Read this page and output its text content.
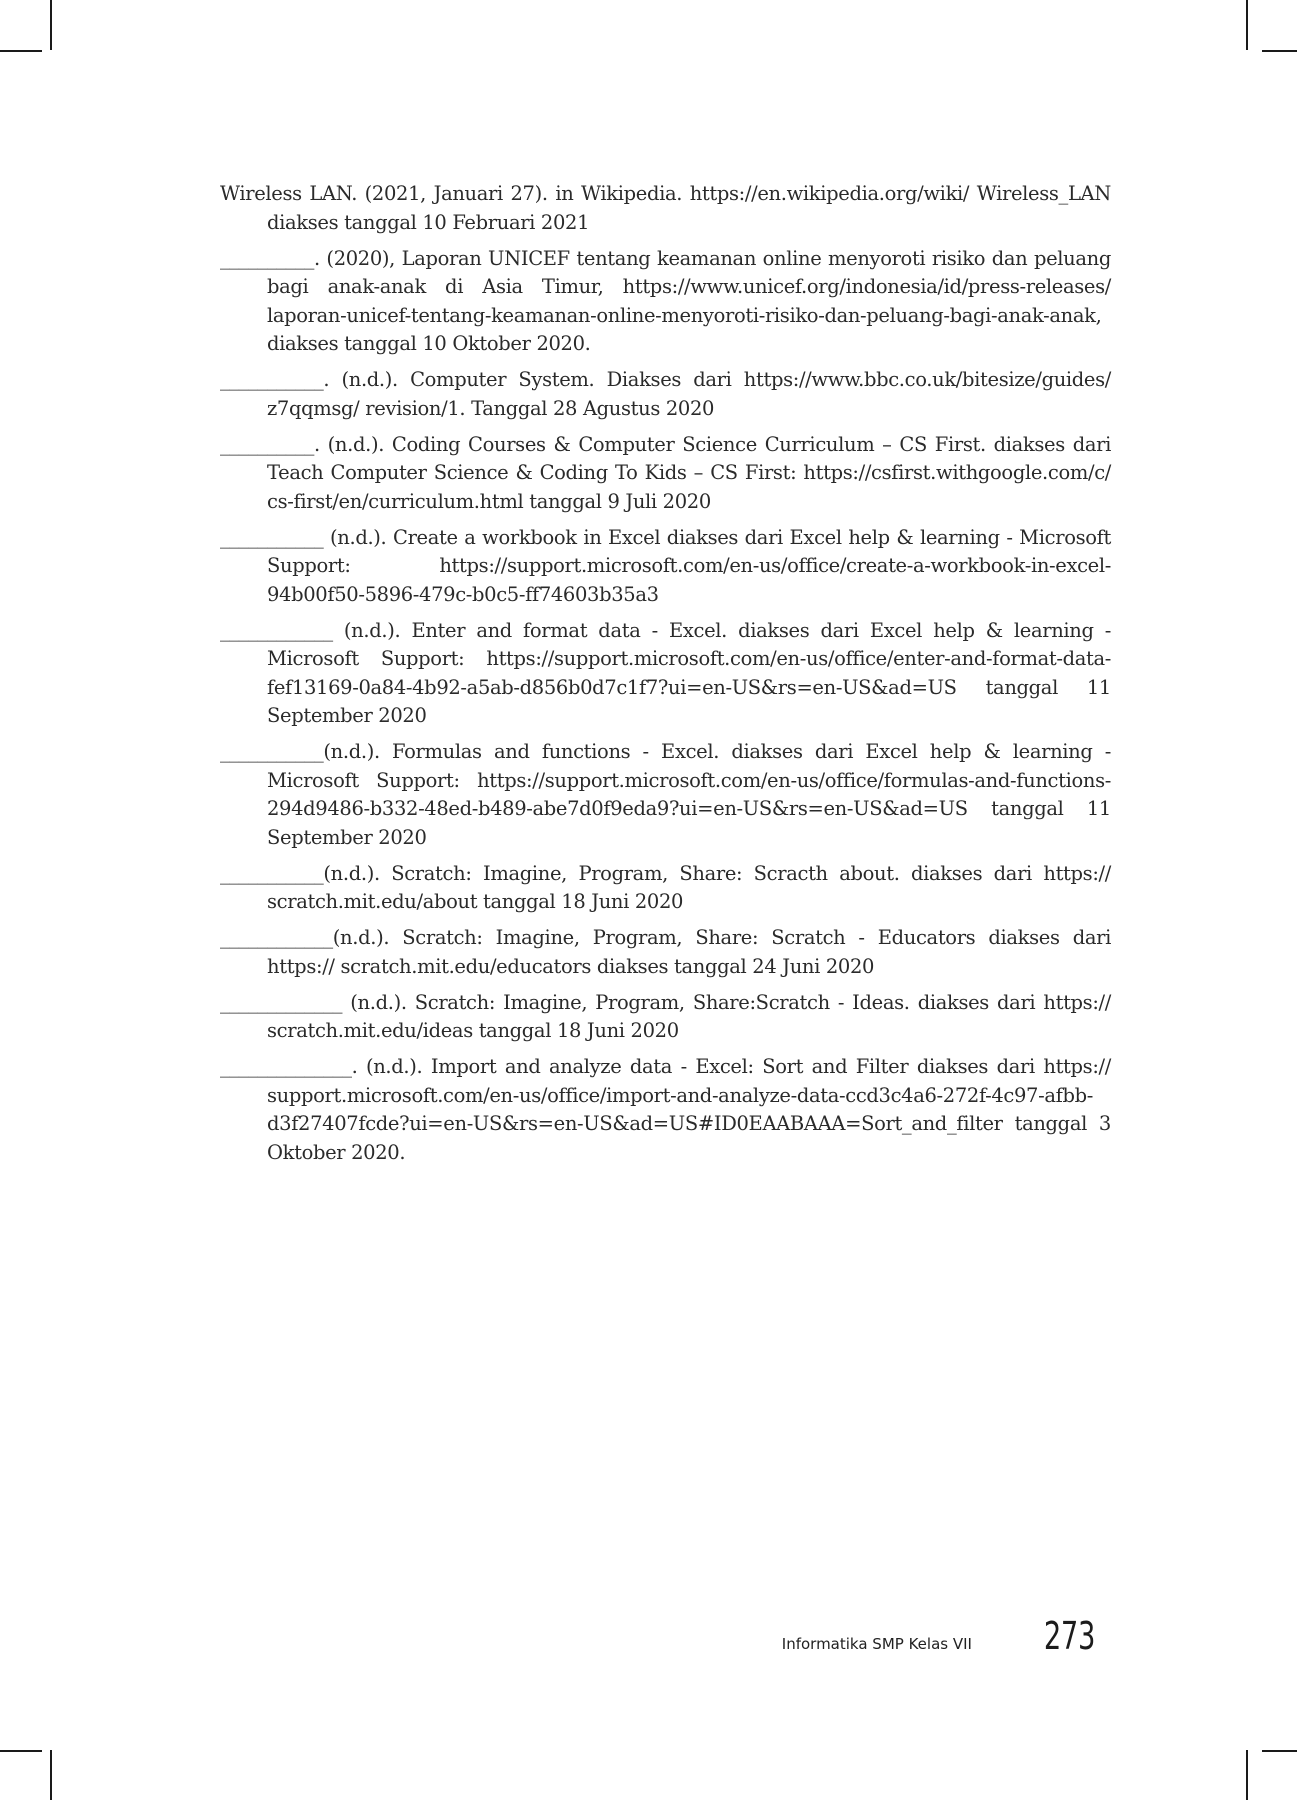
Wireless LAN. (2021, Januari 27). in Wikipedia. https://en.wikipedia.org/wiki/ Wireless_LAN diakses tanggal 10 Februari 2021

__________. (2020), Laporan UNICEF tentang keamanan online menyoroti risiko dan peluang bagi anak-anak di Asia Timur, https://www.unicef.org/indonesia/id/press-releases/ laporan-unicef-tentang-keamanan-online-menyoroti-risiko-dan-peluang-bagi-anak-anak, diakses tanggal 10 Oktober 2020.

___________. (n.d.). Computer System. Diakses dari https://www.bbc.co.uk/bitesize/guides/ z7qqmsg/ revision/1. Tanggal 28 Agustus 2020

__________. (n.d.). Coding Courses & Computer Science Curriculum – CS First. diakses dari Teach Computer Science & Coding To Kids – CS First: https://csfirst.withgoogle.com/c/ cs-first/en/curriculum.html tanggal 9 Juli 2020

___________ (n.d.). Create a workbook in Excel diakses dari Excel help & learning - Microsoft Support: https://support.microsoft.com/en-us/office/create-a-workbook-in-excel-94b00f50-5896-479c-b0c5-ff74603b35a3

____________ (n.d.). Enter and format data - Excel. diakses dari Excel help & learning - Microsoft Support: https://support.microsoft.com/en-us/office/enter-and-format-data-fef13169-0a84-4b92-a5ab-d856b0d7c1f7?ui=en-US&rs=en-US&ad=US tanggal 11 September 2020

___________(n.d.). Formulas and functions - Excel. diakses dari Excel help & learning - Microsoft Support: https://support.microsoft.com/en-us/office/formulas-and-functions-294d9486-b332-48ed-b489-abe7d0f9eda9?ui=en-US&rs=en-US&ad=US tanggal 11 September 2020

___________(n.d.). Scratch: Imagine, Program, Share: Scracth about. diakses dari https:// scratch.mit.edu/about tanggal 18 Juni 2020

____________(n.d.). Scratch: Imagine, Program, Share: Scratch - Educators diakses dari https:// scratch.mit.edu/educators diakses tanggal 24 Juni 2020

_____________ (n.d.). Scratch: Imagine, Program, Share:Scratch - Ideas. diakses dari https:// scratch.mit.edu/ideas tanggal 18 Juni 2020

______________. (n.d.). Import and analyze data - Excel: Sort and Filter diakses dari https:// support.microsoft.com/en-us/office/import-and-analyze-data-ccd3c4a6-272f-4c97-afbb-d3f27407fcde?ui=en-US&rs=en-US&ad=US#ID0EAABAAA=Sort_and_filter tanggal 3 Oktober 2020.

Informatika SMP Kelas VII 273
